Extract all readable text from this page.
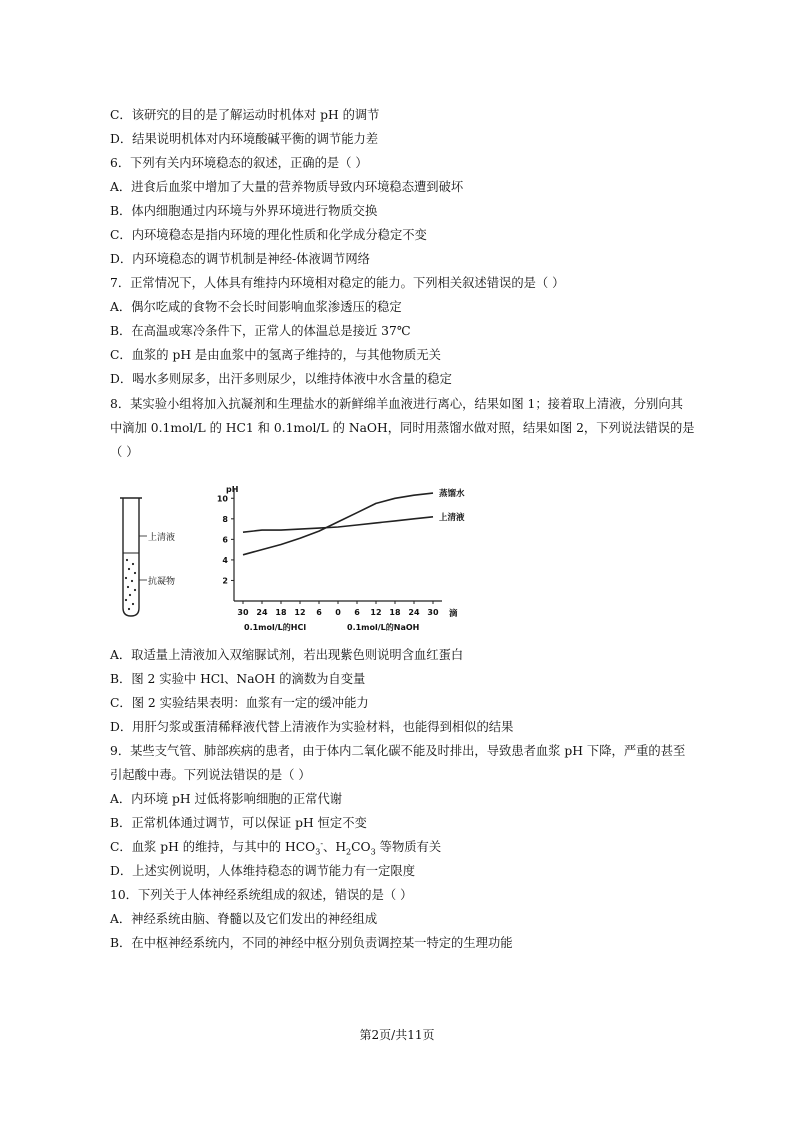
C．该研究的目的是了解运动时机体对 pH 的调节
D．结果说明机体对内环境酸碱平衡的调节能力差
6．下列有关内环境稳态的叙述，正确的是（ ）
A．进食后血浆中增加了大量的营养物质导致内环境稳态遭到破坏
B．体内细胞通过内环境与外界环境进行物质交换
C．内环境稳态是指内环境的理化性质和化学成分稳定不变
D．内环境稳态的调节机制是神经-体液调节网络
7．正常情况下，人体具有维持内环境相对稳定的能力。下列相关叙述错误的是（ ）
A．偶尔吃咸的食物不会长时间影响血浆渗透压的稳定
B．在高温或寒冷条件下，正常人的体温总是接近 37℃
C．血浆的 pH 是由血浆中的氢离子维持的，与其他物质无关
D．喝水多则尿多，出汗多则尿少，以维持体液中水含量的稳定
8．某实验小组将加入抗凝剂和生理盐水的新鲜绵羊血液进行离心，结果如图 1；接着取上清液，分别向其
中滴加 0.1mol/L 的 HC1 和 0.1mol/L 的 NaOH，同时用蒸馏水做对照，结果如图 2，下列说法错误的是
（ ）
A．取适量上清液加入双缩脲试剂，若出现紫色则说明含血红蛋白
B．图 2 实验中 HCl、NaOH 的滴数为自变量
C．图 2 实验结果表明：血浆有一定的缓冲能力
D．用肝匀浆或蛋清稀释液代替上清液作为实验材料，也能得到相似的结果
9．某些支气管、肺部疾病的患者，由于体内二氧化碳不能及时排出，导致患者血浆 pH 下降，严重的甚至
引起酸中毒。下列说法错误的是（ ）
A．内环境 pH 过低将影响细胞的正常代谢
B．正常机体通过调节，可以保证 pH 恒定不变
C．血浆 pH 的维持，与其中的 $HCO_3^-$、$H_2CO_3$ 等物质有关
D．上述实例说明，人体维持稳态的调节能力有一定限度
10．下列关于人体神经系统组成的叙述，错误的是（ ）
A．神经系统由脑、脊髓以及它们发出的神经组成
B．在中枢神经系统内，不同的神经中枢分别负责调控某一特定的生理功能
上清液
抗凝物
pH
2
4
6
8
10
30 24 18 12 6 0 6 12 18 24 30
蒸馏水
上清液
滴
0.1mol/L的HCl	0.1mol/L的NaOH
第2页/共11页
